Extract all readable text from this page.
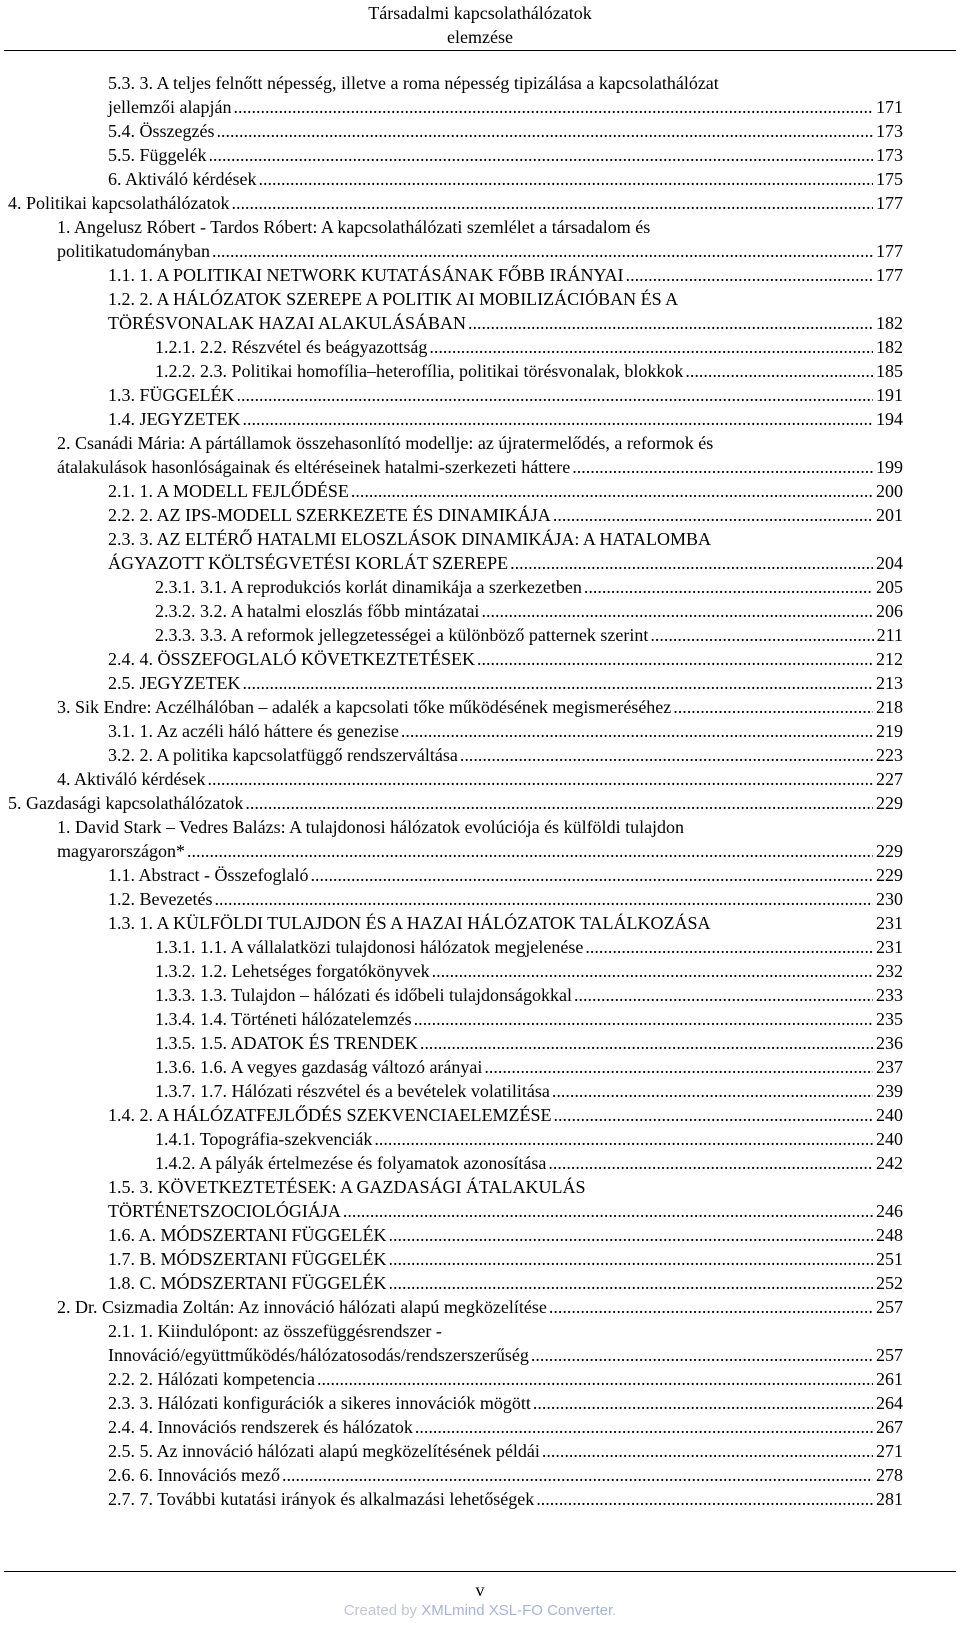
Társadalmi kapcsolathálózatok
elemzése
5.3. 3. A teljes felnőtt népesség, illetve a roma népesség tipizálása a kapcsolathálózat
jellemzői alapján .....	171
5.4. Összegzés .....	173
5.5. Függelék .....	173
6. Aktiváló kérdések .....	175
4. Politikai kapcsolathálózatok .....	177
1. Angelusz Róbert - Tardos Róbert: A kapcsolathálózati szemlélet a társadalom és
politikatudományban .....	177
1.1. 1. A POLITIKAI NETWORK KUTATÁSÁNAK FŐBB IRÁNYAI .....	177
1.2. 2. A HÁLÓZATOK SZEREPE A POLITIK AI MOBILIZÁCIÓBAN ÉS A
TÖRÉSVONALAK HAZAI ALAKULÁSÁBAN .....	182
1.2.1. 2.2. Részvétel és beágyazottság .....	182
1.2.2. 2.3. Politikai homofília–heterofília, politikai törésvonalak, blokkok .....	185
1.3. FÜGGELÉK .....	191
1.4. JEGYZETEK .....	194
2. Csanádi Mária: A pártállamok összehasonlító modellje: az újratermelődés, a reformok és
átalakulások hasonlóságainak és eltéréseinek hatalmi-szerkezeti háttere .....	199
2.1. 1. A MODELL FEJLŐDÉSE .....	200
2.2. 2. AZ IPS-MODELL SZERKEZETE ÉS DINAMIKÁJA .....	201
2.3. 3. AZ ELTÉRŐ HATALMI ELOSZLÁSOK DINAMIKÁJA: A HATALOMBA
ÁGYAZOTT KÖLTSÉGVETÉSI KORLÁT SZEREPE .....	204
2.3.1. 3.1. A reprodukciós korlát dinamikája a szerkezetben .....	205
2.3.2. 3.2. A hatalmi eloszlás főbb mintázatai .....	206
2.3.3. 3.3. A reformok jellegzetességei a különböző patternek szerint .....	211
2.4. 4. ÖSSZEFOGLALÓ KÖVETKEZTETÉSEK .....	212
2.5. JEGYZETEK .....	213
3. Sik Endre: Aczélhálóban – adalék a kapcsolati tőke működésének megismeréséhez .....	218
3.1. 1. Az aczéli háló háttere és genezise .....	219
3.2. 2. A politika kapcsolatfüggő rendszerváltása .....	223
4. Aktiváló kérdések .....	227
5. Gazdasági kapcsolathálózatok .....	229
1. David Stark – Vedres Balázs: A tulajdonosi hálózatok evolúciója és külföldi tulajdon
magyarországon* .....	229
1.1. Abstract - Összefoglaló .....	229
1.2. Bevezetés .....	230
1.3. 1. A KÜLFÖLDI TULAJDON ÉS A HAZAI HÁLÓZATOK TALÁLKOZÁSA	231
1.3.1. 1.1. A vállalatközi tulajdonosi hálózatok megjelenése .....	231
1.3.2. 1.2. Lehetséges forgatókönyvek .....	232
1.3.3. 1.3. Tulajdon – hálózati és időbeli tulajdonságokkal .....	233
1.3.4. 1.4. Történeti hálózatelemzés .....	235
1.3.5. 1.5. ADATOK ÉS TRENDEK .....	236
1.3.6. 1.6. A vegyes gazdaság változó arányai .....	237
1.3.7. 1.7. Hálózati részvétel és a bevételek volatilitása .....	239
1.4. 2. A HÁLÓZATFEJLŐDÉS SZEKVENCIAELEMZÉSE .....	240
1.4.1. Topográfia-szekvenciák .....	240
1.4.2. A pályák értelmezése és folyamatok azonosítása .....	242
1.5. 3. KÖVETKEZTETÉSEK: A GAZDASÁGI ÁTALAKULÁS
TÖRTÉNETSZOCIOLÓGIÁJA .....	246
1.6. A. MÓDSZERTANI FÜGGELÉK .....	248
1.7. B. MÓDSZERTANI FÜGGELÉK .....	251
1.8. C. MÓDSZERTANI FÜGGELÉK .....	252
2. Dr. Csizmadia Zoltán: Az innováció hálózati alapú megközelítése .....	257
2.1. 1. Kiindulópont: az összefüggésrendszer -
Innováció/együttműködés/hálózatosodás/rendszerszerűség .....	257
2.2. 2. Hálózati kompetencia .....	261
2.3. 3. Hálózati konfigurációk a sikeres innovációk mögött .....	264
2.4. 4. Innovációs rendszerek és hálózatok .....	267
2.5. 5. Az innováció hálózati alapú megközelítésének példái .....	271
2.6. 6. Innovációs mező .....	278
2.7. 7. További kutatási irányok és alkalmazási lehetőségek .....	281
v
Created by XMLmind XSL-FO Converter.
